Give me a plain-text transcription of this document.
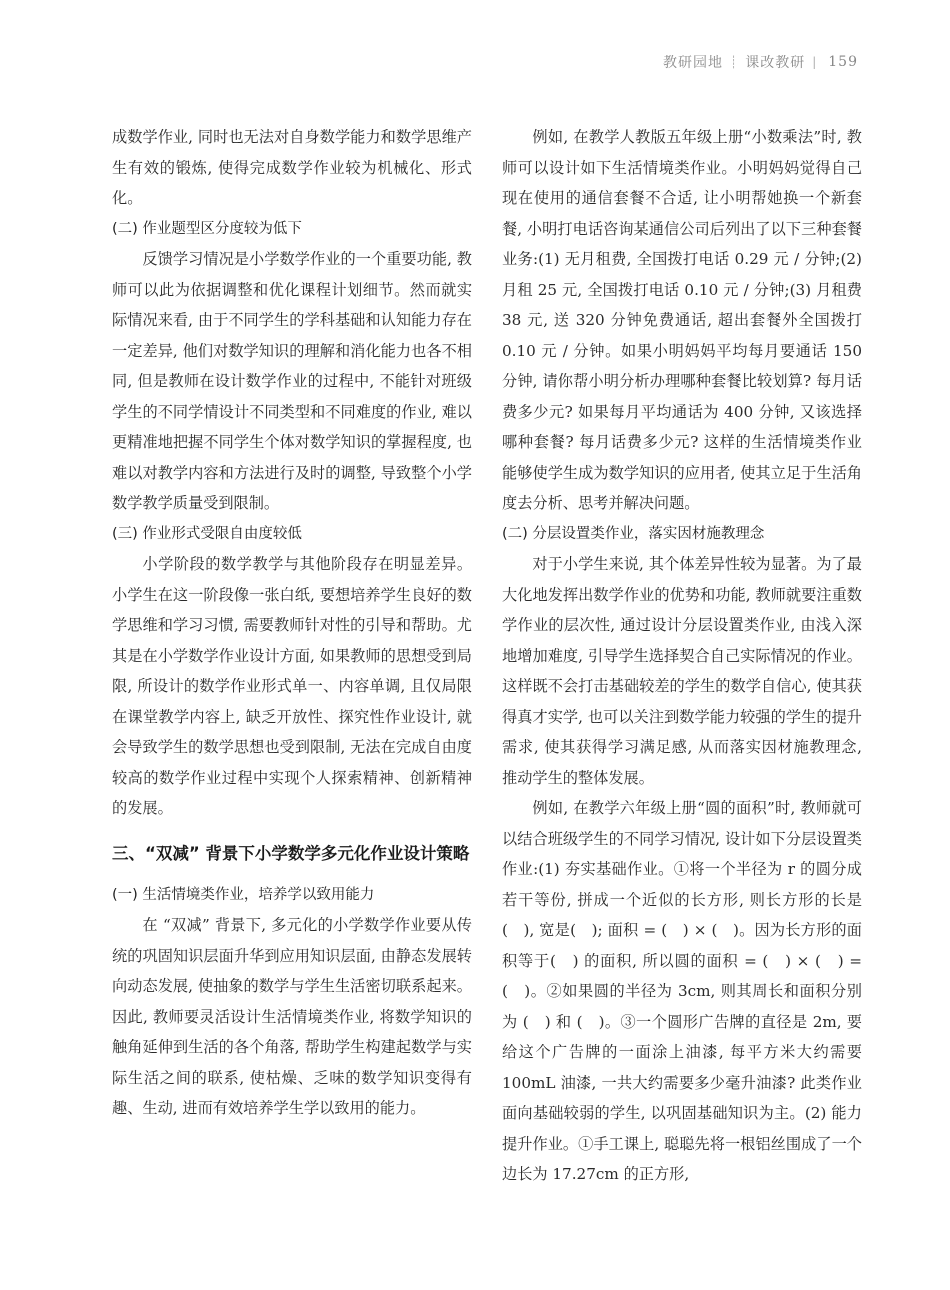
教研园地 ┊ 课改教研 | 159

成数学作业, 同时也无法对自身数学能力和数学思维产生有效的锻炼, 使得完成数学作业较为机械化、形式化。

(二) 作业题型区分度较为低下

反馈学习情况是小学数学作业的一个重要功能, 教师可以此为依据调整和优化课程计划细节。然而就实际情况来看, 由于不同学生的学科基础和认知能力存在一定差异, 他们对数学知识的理解和消化能力也各不相同, 但是教师在设计数学作业的过程中, 不能针对班级学生的不同学情设计不同类型和不同难度的作业, 难以更精准地把握不同学生个体对数学知识的掌握程度, 也难以对教学内容和方法进行及时的调整, 导致整个小学数学教学质量受到限制。

(三) 作业形式受限自由度较低

小学阶段的数学教学与其他阶段存在明显差异。小学生在这一阶段像一张白纸, 要想培养学生良好的数学思维和学习习惯, 需要教师针对性的引导和帮助。尤其是在小学数学作业设计方面, 如果教师的思想受到局限, 所设计的数学作业形式单一、内容单调, 且仅局限在课堂教学内容上, 缺乏开放性、探究性作业设计, 就会导致学生的数学思想也受到限制, 无法在完成自由度较高的数学作业过程中实现个人探索精神、创新精神的发展。

三、“双减” 背景下小学数学多元化作业设计策略

(一) 生活情境类作业，培养学以致用能力

在 “双减” 背景下, 多元化的小学数学作业要从传统的巩固知识层面升华到应用知识层面, 由静态发展转向动态发展, 使抽象的数学与学生生活密切联系起来。因此, 教师要灵活设计生活情境类作业, 将数学知识的触角延伸到生活的各个角落, 帮助学生构建起数学与实际生活之间的联系, 使枯燥、乏味的数学知识变得有趣、生动, 进而有效培养学生学以致用的能力。

例如, 在教学人教版五年级上册“小数乘法”时, 教师可以设计如下生活情境类作业。小明妈妈觉得自己现在使用的通信套餐不合适, 让小明帮她换一个新套餐, 小明打电话咨询某通信公司后列出了以下三种套餐业务:(1) 无月租费, 全国拨打电话 0.29 元 / 分钟;(2) 月租 25 元, 全国拨打电话 0.10 元 / 分钟;(3) 月租费 38 元, 送 320 分钟免费通话, 超出套餐外全国拨打 0.10 元 / 分钟。如果小明妈妈平均每月要通话 150 分钟, 请你帮小明分析办理哪种套餐比较划算? 每月话费多少元? 如果每月平均通话为 400 分钟, 又该选择哪种套餐? 每月话费多少元? 这样的生活情境类作业能够使学生成为数学知识的应用者, 使其立足于生活角度去分析、思考并解决问题。

(二) 分层设置类作业，落实因材施教理念

对于小学生来说, 其个体差异性较为显著。为了最大化地发挥出数学作业的优势和功能, 教师就要注重数学作业的层次性, 通过设计分层设置类作业, 由浅入深地增加难度, 引导学生选择契合自己实际情况的作业。这样既不会打击基础较差的学生的数学自信心, 使其获得真才实学, 也可以关注到数学能力较强的学生的提升需求, 使其获得学习满足感, 从而落实因材施教理念, 推动学生的整体发展。

例如, 在教学六年级上册“圆的面积”时, 教师就可以结合班级学生的不同学习情况, 设计如下分层设置类作业:(1) 夯实基础作业。①将一个半径为 r 的圆分成若干等份, 拼成一个近似的长方形, 则长方形的长是(　), 宽是(　); 面积 = (　) × (　)。因为长方形的面积等于(　) 的面积, 所以圆的面积 = (　) × (　) = (　)。②如果圆的半径为 3cm, 则其周长和面积分别为 (　) 和 (　)。③一个圆形广告牌的直径是 2m, 要给这个广告牌的一面涂上油漆, 每平方米大约需要 100mL 油漆, 一共大约需要多少毫升油漆? 此类作业面向基础较弱的学生, 以巩固基础知识为主。(2) 能力提升作业。①手工课上, 聪聪先将一根铝丝围成了一个边长为 17.27cm 的正方形,
